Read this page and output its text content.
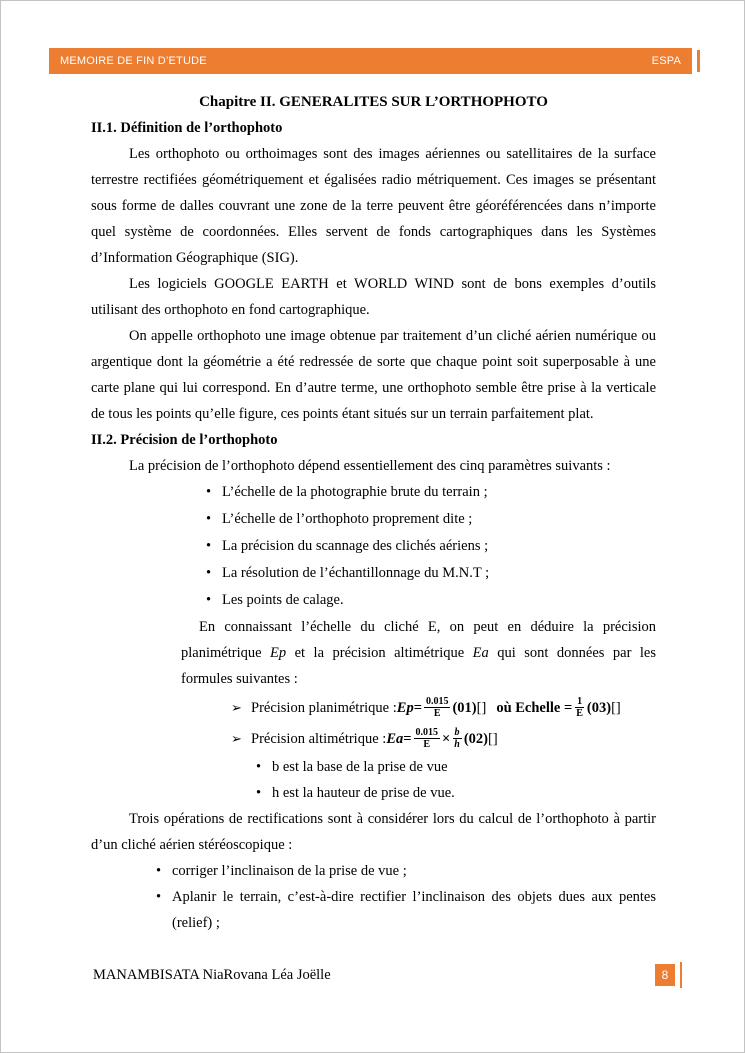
MEMOIRE DE FIN D’ETUDE	ESPA

Chapitre II. GENERALITES SUR L’ORTHOPHOTO

II.1. Définition de l’orthophoto

Les orthophoto ou orthoimages sont des images aériennes ou satellitaires de la surface terrestre rectifiées géométriquement et égalisées radio métriquement. Ces images se présentant sous forme de dalles couvrant une zone de la terre peuvent être géoréférencées dans n’importe quel système de coordonnées. Elles servent de fonds cartographiques dans les Systèmes d’Information Géographique (SIG).

Les logiciels GOOGLE EARTH et WORLD WIND sont de bons exemples d’outils utilisant des orthophoto en fond cartographique.

On appelle orthophoto une image obtenue par traitement d’un cliché aérien numérique ou argentique dont la géométrie a été redressée de sorte que chaque point soit superposable à une carte plane qui lui correspond. En d’autre terme, une orthophoto semble être prise à la verticale de tous les points qu’elle figure, ces points étant situés sur un terrain parfaitement plat.

II.2. Précision de l’orthophoto

La précision de l’orthophoto dépend essentiellement des cinq paramètres suivants :

• L’échelle de la photographie brute du terrain ;
• L’échelle de l’orthophoto proprement dite ;
• La précision du scannage des clichés aériens ;
• La résolution de l’échantillonnage du M.N.T ;
• Les points de calage.

En connaissant l’échelle du cliché E, on peut en déduire la précision planimétrique Ep et la précision altimétrique Ea qui sont données par les formules suivantes :

➢ Précision planimétrique : $Ep = \frac{0.015}{E} (01)$ [] où Echelle = $\frac{1}{E} (03)$ []
➢ Précision altimétrique : $Ea = \frac{0.015}{E} \times \frac{b}{h} (02)$ []
• b est la base de la prise de vue
• h est la hauteur de prise de vue.

Trois opérations de rectifications sont à considérer lors du calcul de l’orthophoto à partir d’un cliché aérien stéréoscopique :

• corriger l’inclinaison de la prise de vue ;
• Aplanir le terrain, c’est-à-dire rectifier l’inclinaison des objets dues aux pentes (relief) ;
MANAMBISATA NiaRovana Léa Joëlle	8
